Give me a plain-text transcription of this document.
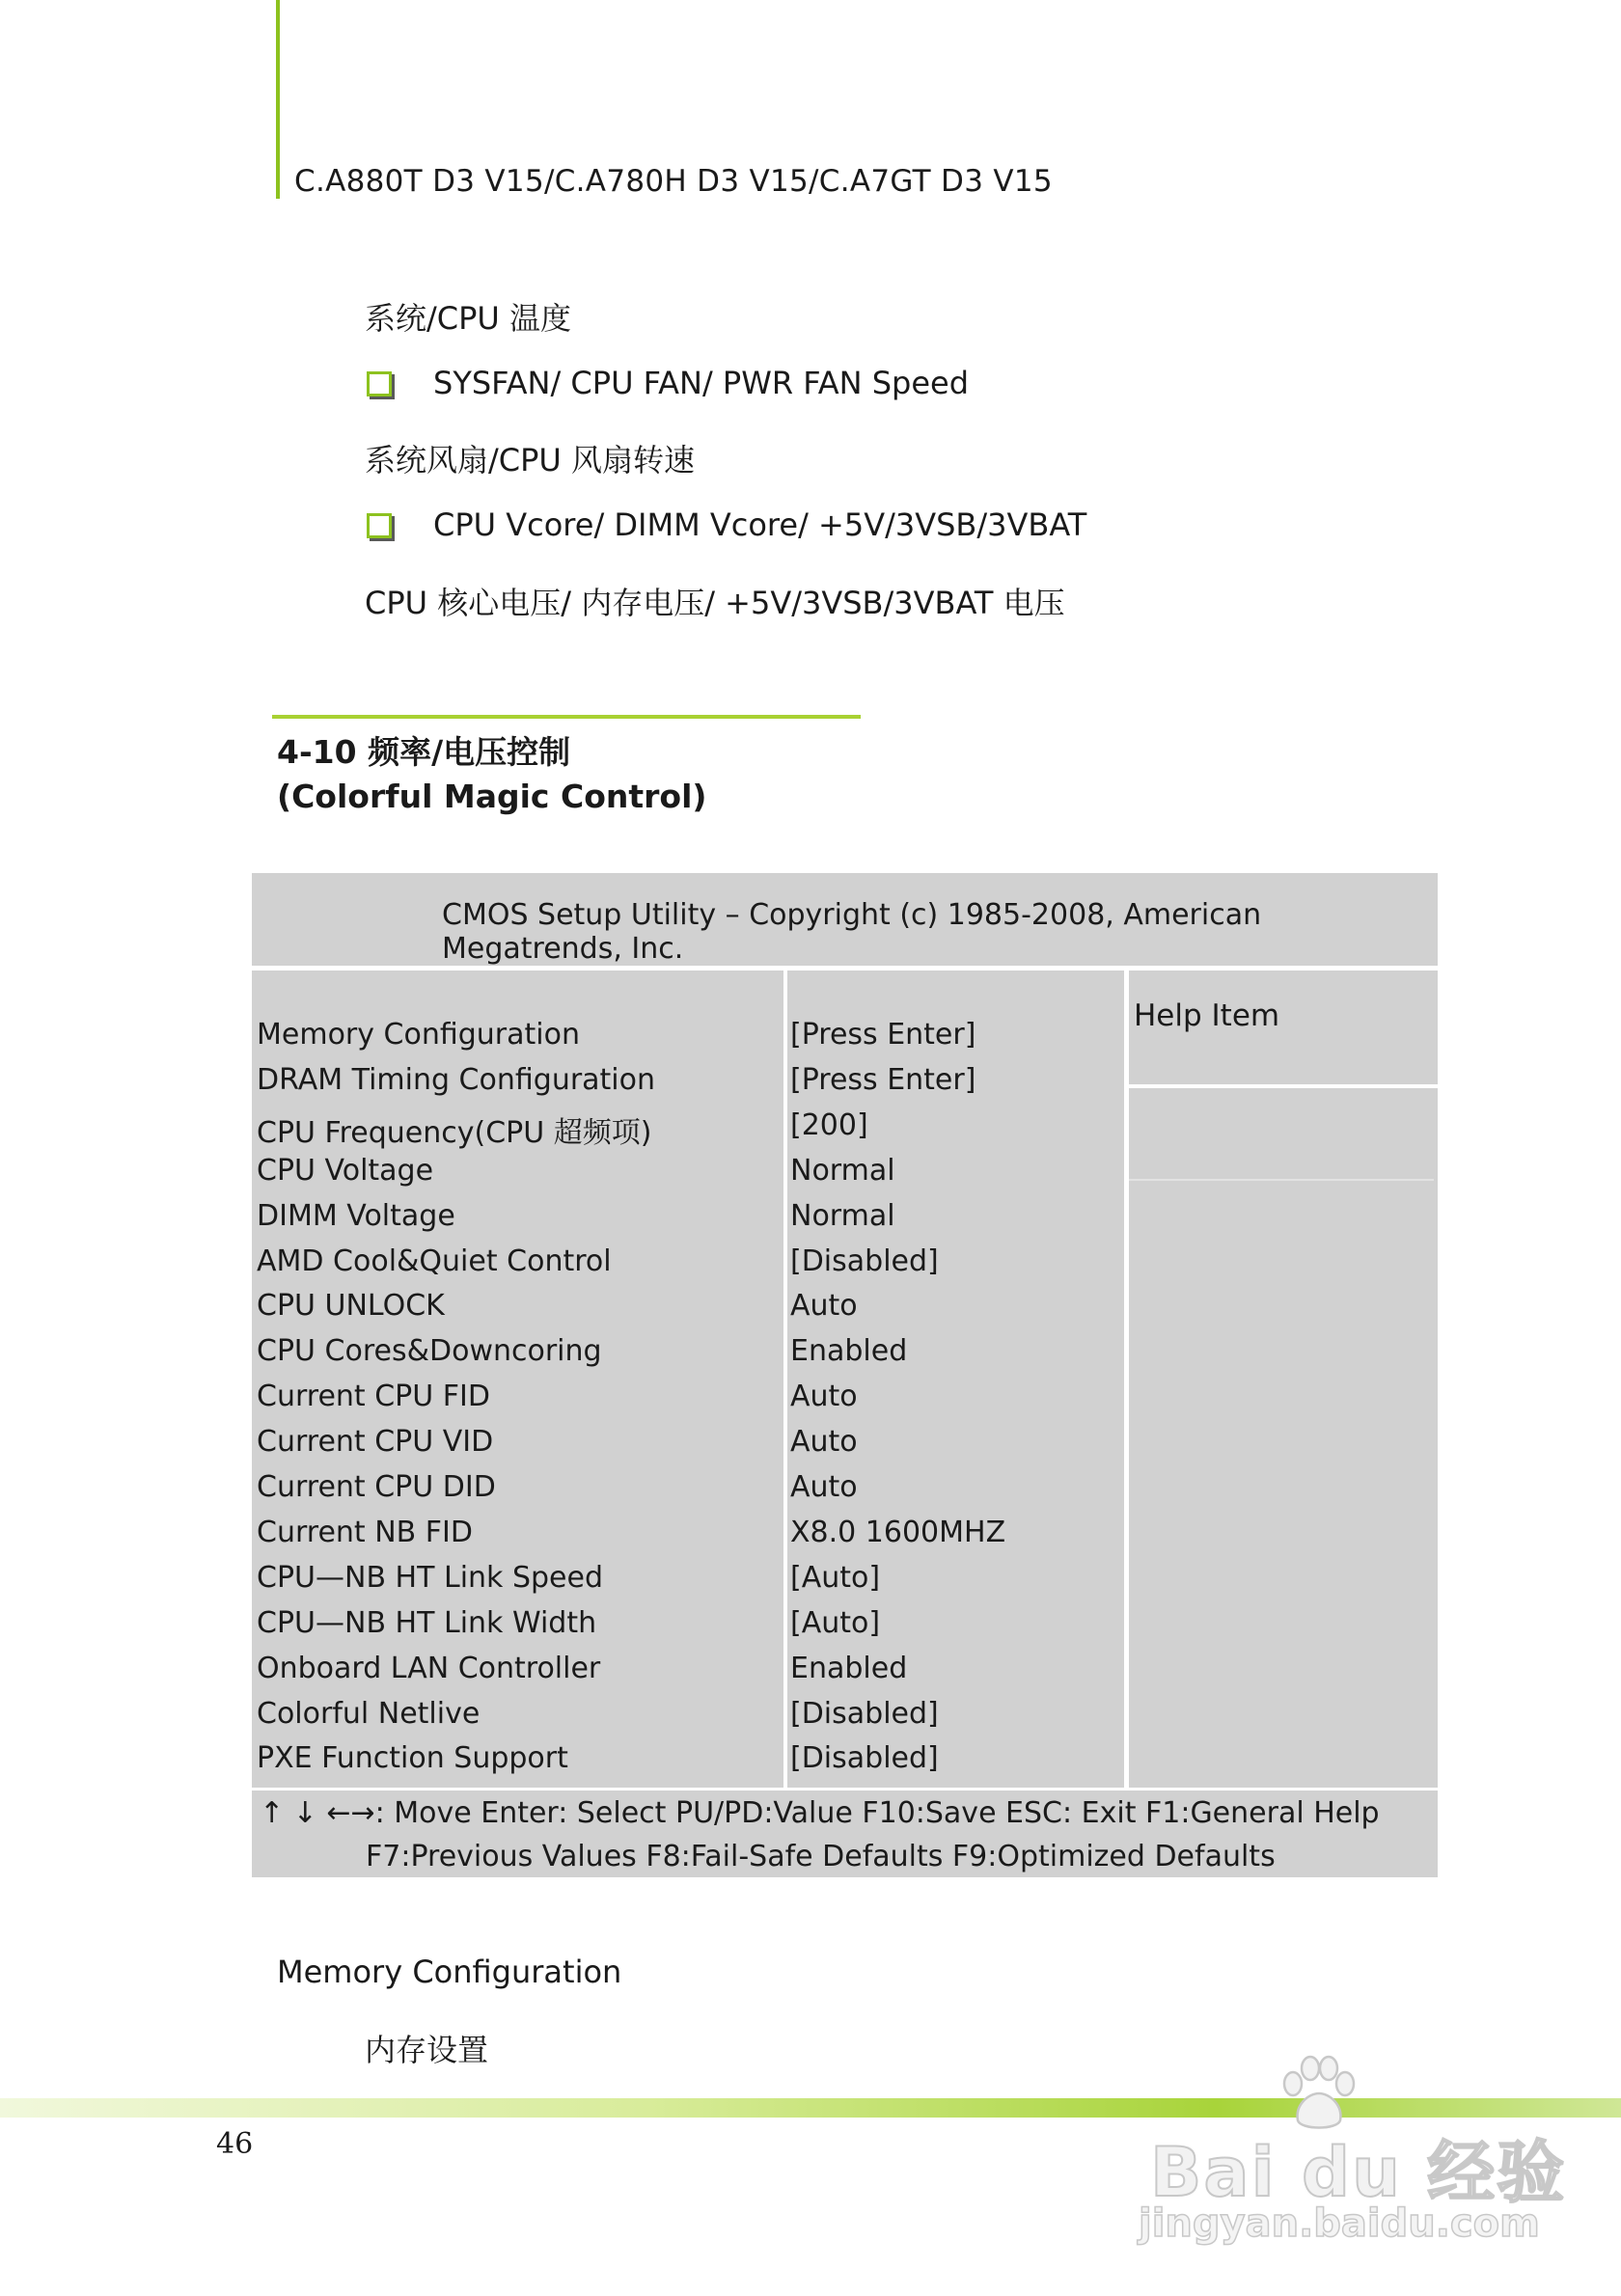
C.A880T D3 V15/C.A780H D3 V15/C.A7GT D3 V15
系统/CPU 温度
SYSFAN/ CPU FAN/ PWR FAN Speed
系统风扇/CPU 风扇转速
CPU Vcore/ DIMM Vcore/ +5V/3VSB/3VBAT
CPU 核心电压/ 内存电压/ +5V/3VSB/3VBAT 电压
4-10 频率/电压控制
(Colorful Magic Control)
CMOS Setup Utility – Copyright (c) 1985-2008, American Megatrends, Inc.
Help Item
Memory Configuration	[Press Enter]
DRAM Timing Configuration	[Press Enter]
CPU Frequency(CPU 超频项)	[200]
CPU Voltage	Normal
DIMM Voltage	Normal
AMD Cool&Quiet Control	[Disabled]
CPU UNLOCK	Auto
CPU Cores&Downcoring	Enabled
Current CPU FID	Auto
Current CPU VID	Auto
Current CPU DID	Auto
Current NB FID	X8.0 1600MHZ
CPU—NB HT Link Speed	[Auto]
CPU—NB HT Link Width	[Auto]
Onboard LAN Controller	Enabled
Colorful Netlive	[Disabled]
PXE Function Support	[Disabled]
↑ ↓ ←→: Move Enter: Select PU/PD:Value F10:Save ESC: Exit F1:General Help
F7:Previous Values F8:Fail-Safe Defaults F9:Optimized Defaults
Memory Configuration
内存设置
46	Bai du 经验
jingyan.baidu.com
